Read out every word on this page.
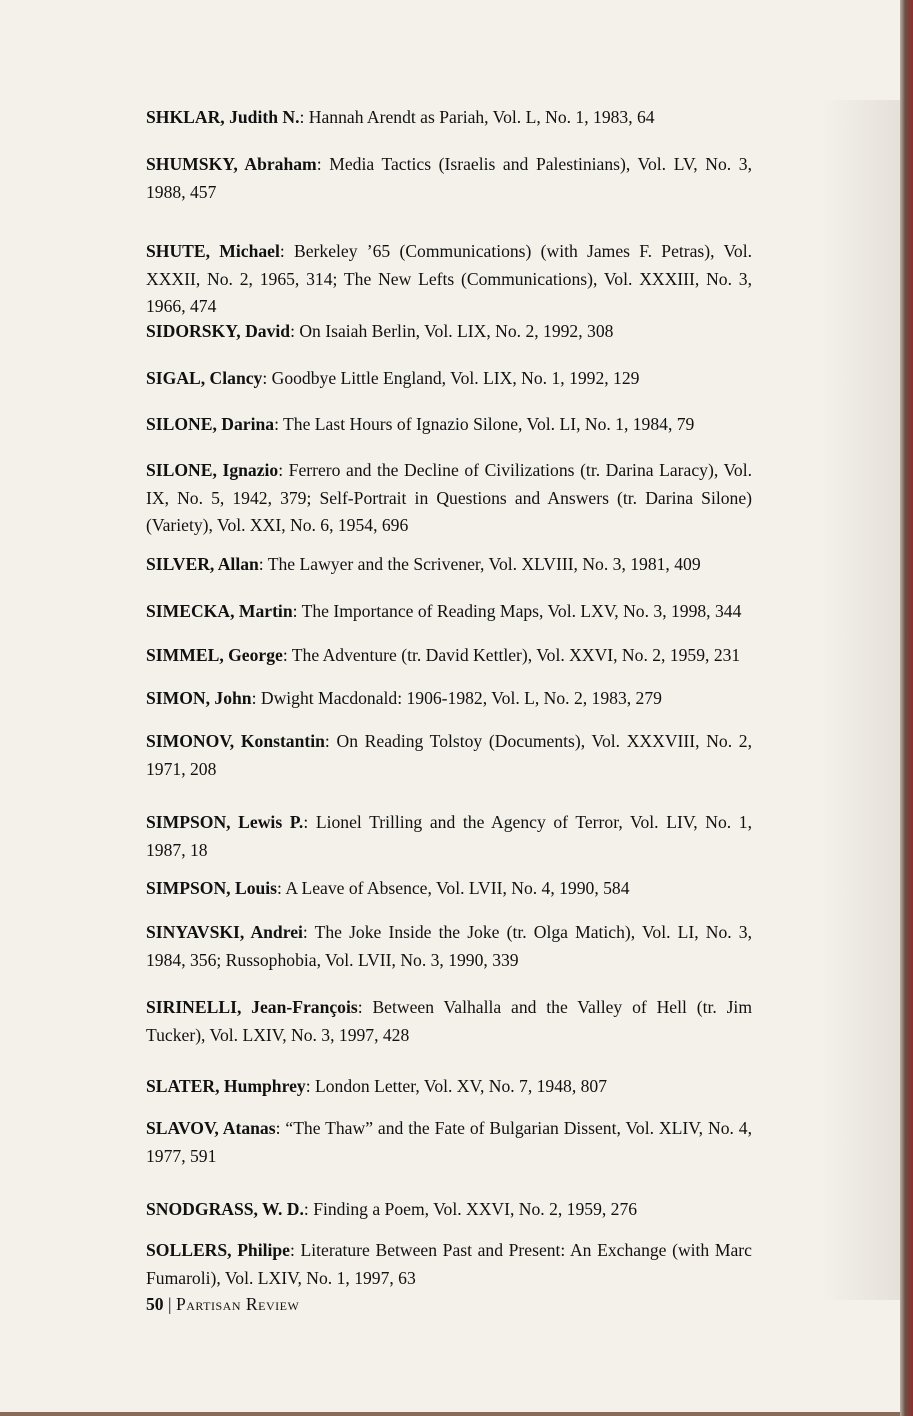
SHKLAR, Judith N.: Hannah Arendt as Pariah, Vol. L, No. 1, 1983, 64

SHUMSKY, Abraham: Media Tactics (Israelis and Palestinians), Vol. LV, No. 3, 1988, 457

SHUTE, Michael: Berkeley ’65 (Communications) (with James F. Petras), Vol. XXXII, No. 2, 1965, 314; The New Lefts (Communications), Vol. XXXIII, No. 3, 1966, 474

SIDORSKY, David: On Isaiah Berlin, Vol. LIX, No. 2, 1992, 308

SIGAL, Clancy: Goodbye Little England, Vol. LIX, No. 1, 1992, 129

SILONE, Darina: The Last Hours of Ignazio Silone, Vol. LI, No. 1, 1984, 79

SILONE, Ignazio: Ferrero and the Decline of Civilizations (tr. Darina Laracy), Vol. IX, No. 5, 1942, 379; Self-Portrait in Questions and Answers (tr. Darina Silone) (Variety), Vol. XXI, No. 6, 1954, 696

SILVER, Allan: The Lawyer and the Scrivener, Vol. XLVIII, No. 3, 1981, 409

SIMECKA, Martin: The Importance of Reading Maps, Vol. LXV, No. 3, 1998, 344

SIMMEL, George: The Adventure (tr. David Kettler), Vol. XXVI, No. 2, 1959, 231

SIMON, John: Dwight Macdonald: 1906-1982, Vol. L, No. 2, 1983, 279

SIMONOV, Konstantin: On Reading Tolstoy (Documents), Vol. XXXVIII, No. 2, 1971, 208

SIMPSON, Lewis P.: Lionel Trilling and the Agency of Terror, Vol. LIV, No. 1, 1987, 18

SIMPSON, Louis: A Leave of Absence, Vol. LVII, No. 4, 1990, 584

SINYAVSKI, Andrei: The Joke Inside the Joke (tr. Olga Matich), Vol. LI, No. 3, 1984, 356; Russophobia, Vol. LVII, No. 3, 1990, 339

SIRINELLI, Jean-François: Between Valhalla and the Valley of Hell (tr. Jim Tucker), Vol. LXIV, No. 3, 1997, 428

SLATER, Humphrey: London Letter, Vol. XV, No. 7, 1948, 807

SLAVOV, Atanas: “The Thaw” and the Fate of Bulgarian Dissent, Vol. XLIV, No. 4, 1977, 591

SNODGRASS, W. D.: Finding a Poem, Vol. XXVI, No. 2, 1959, 276

SOLLERS, Philipe: Literature Between Past and Present: An Exchange (with Marc Fumaroli), Vol. LXIV, No. 1, 1997, 63

50 | Partisan Review
